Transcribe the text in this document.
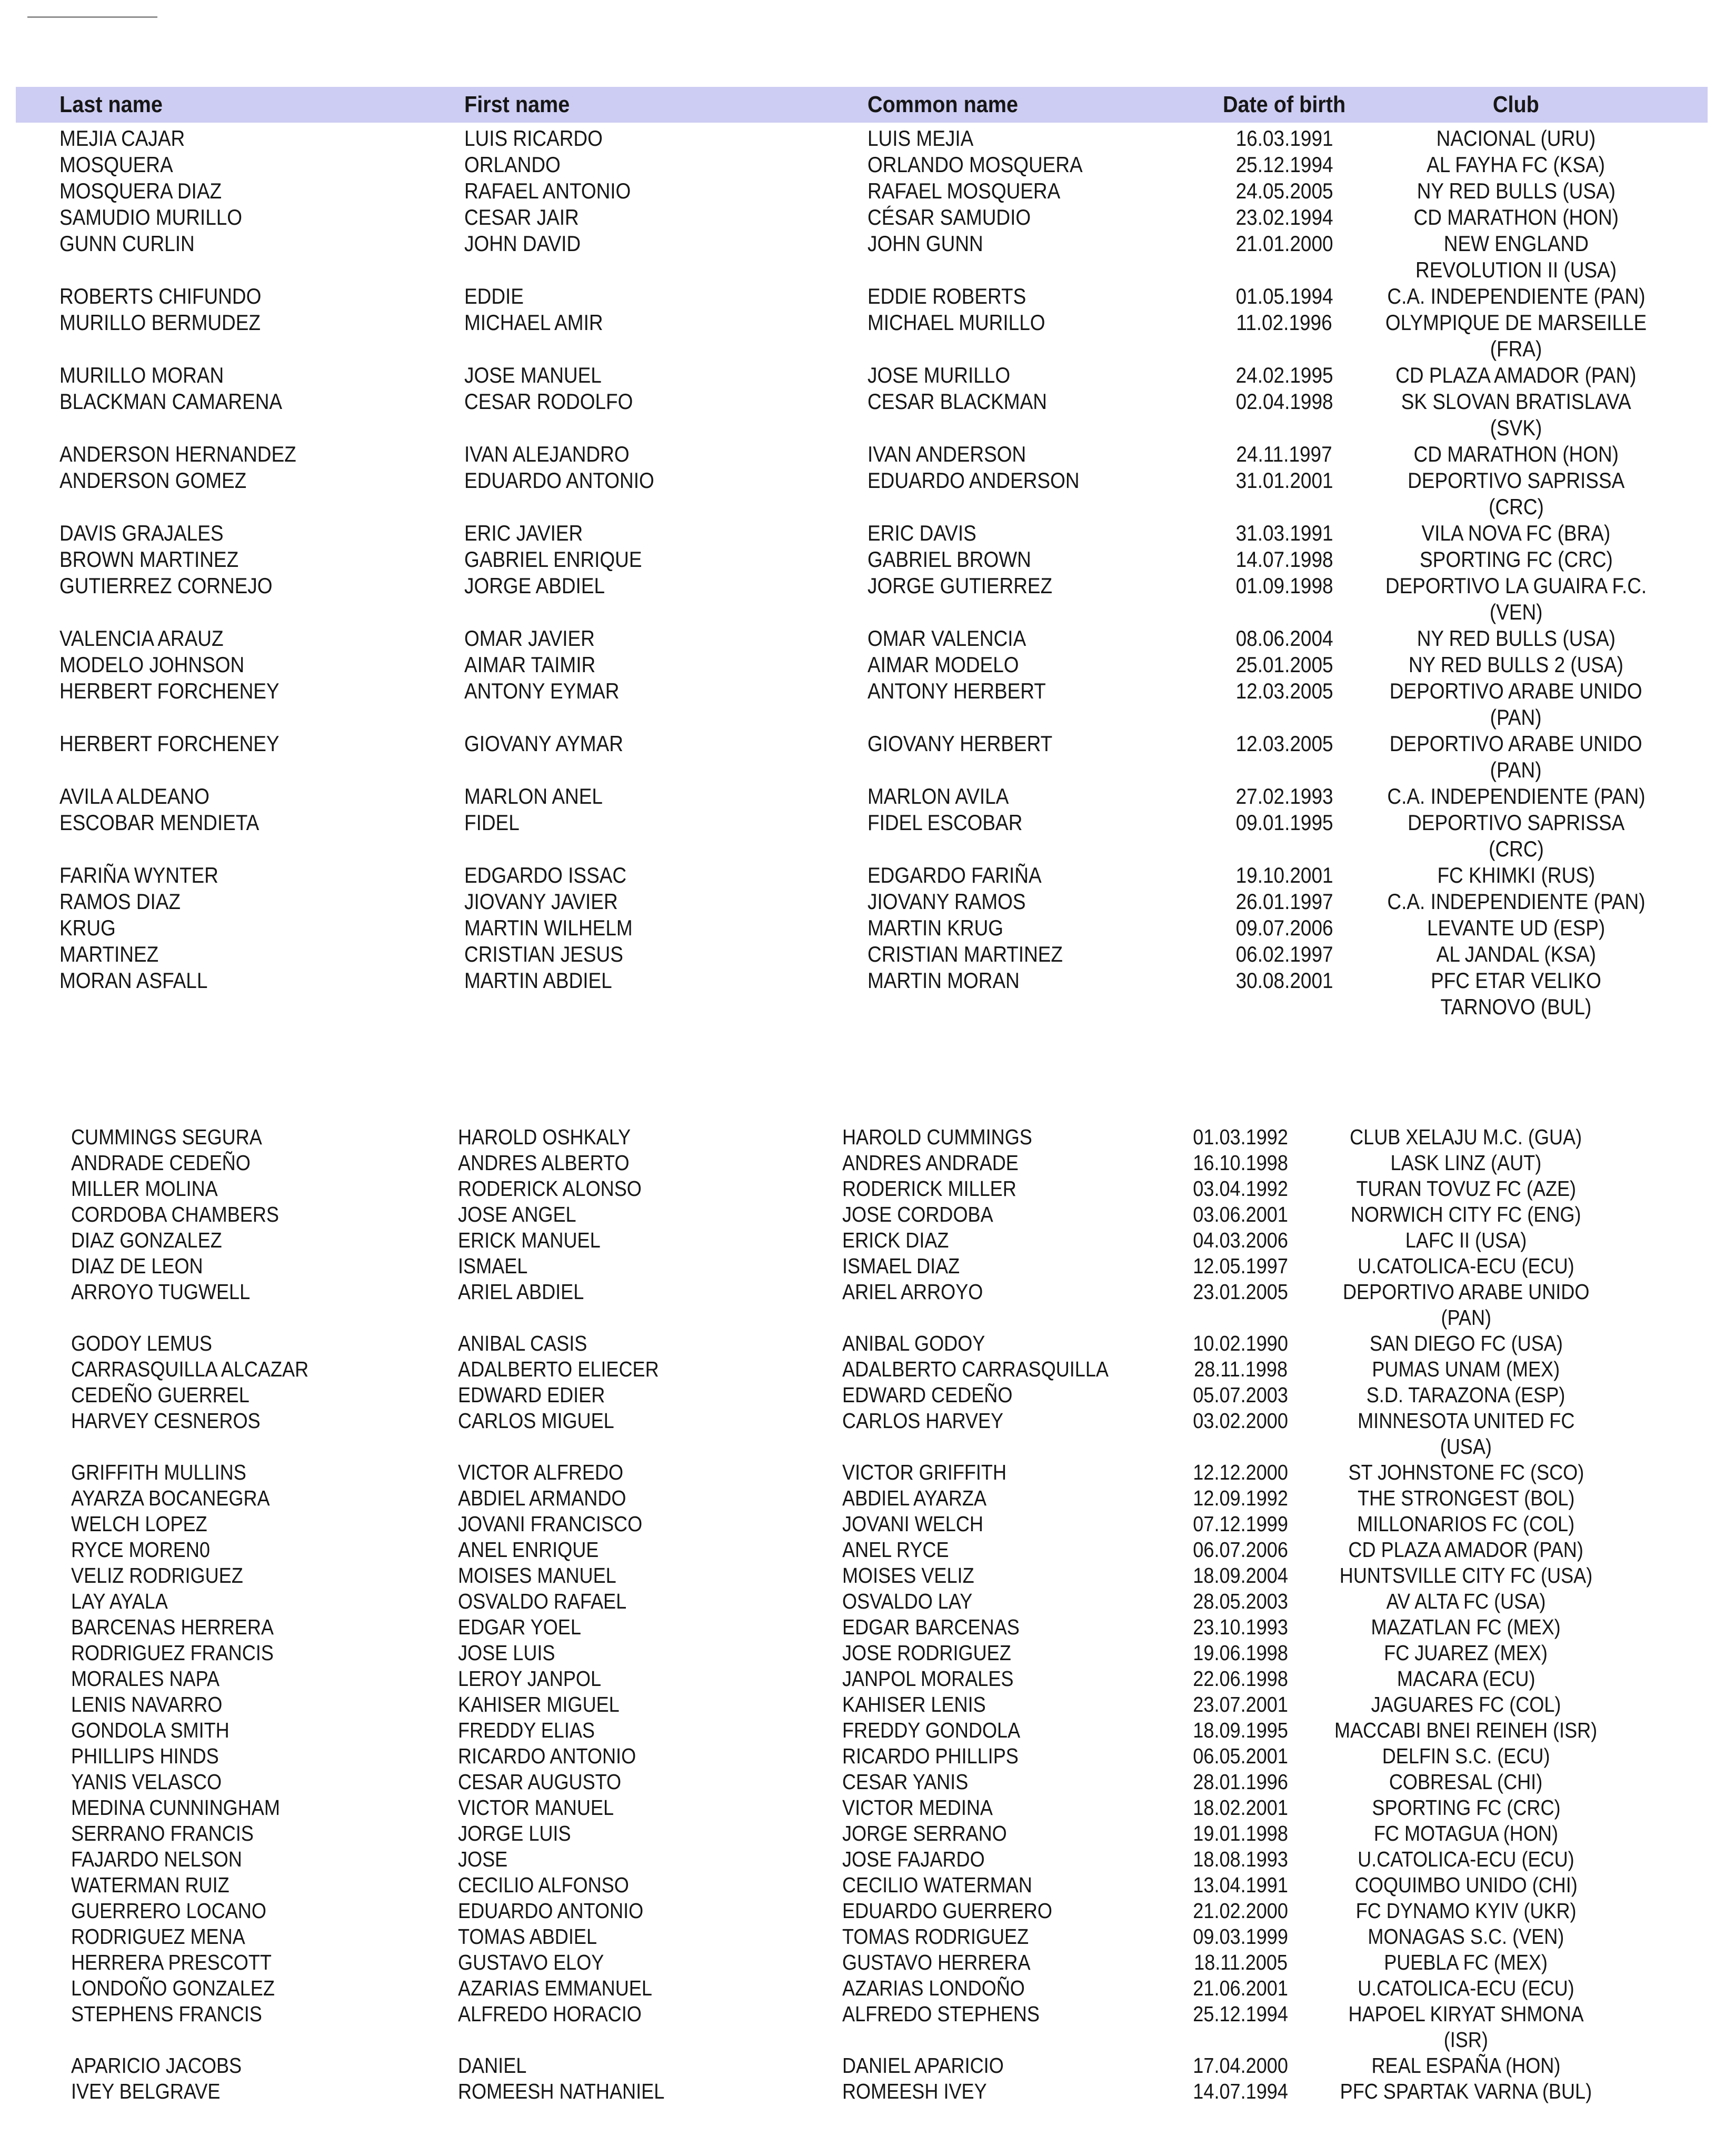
Last name	First name	Common name	Date of birth	Club
MEJIA CAJAR	LUIS RICARDO	LUIS MEJIA	16.03.1991	NACIONAL (URU)
MOSQUERA	ORLANDO	ORLANDO MOSQUERA	25.12.1994	AL FAYHA FC (KSA)
MOSQUERA DIAZ	RAFAEL ANTONIO	RAFAEL MOSQUERA	24.05.2005	NY RED BULLS (USA)
SAMUDIO MURILLO	CESAR JAIR	CÉSAR SAMUDIO	23.02.1994	CD MARATHON (HON)
GUNN CURLIN	JOHN DAVID	JOHN GUNN	21.01.2000	NEW ENGLAND
REVOLUTION II (USA)
ROBERTS CHIFUNDO	EDDIE	EDDIE ROBERTS	01.05.1994 C.A. INDEPENDIENTE (PAN)
MURILLO BERMUDEZ	MICHAEL AMIR	MICHAEL MURILLO	11.02.1996 OLYMPIQUE DE MARSEILLE
(FRA)
MURILLO MORAN	JOSE MANUEL	JOSE MURILLO	24.02.1995	CD PLAZA AMADOR (PAN)
BLACKMAN CAMARENA	CESAR RODOLFO	CESAR BLACKMAN	02.04.1998	SK SLOVAN BRATISLAVA
(SVK)
ANDERSON HERNANDEZ	IVAN ALEJANDRO	IVAN ANDERSON	24.11.1997	CD MARATHON (HON)
ANDERSON GOMEZ	EDUARDO ANTONIO	EDUARDO ANDERSON	31.01.2001	DEPORTIVO SAPRISSA
(CRC)
DAVIS GRAJALES	ERIC JAVIER	ERIC DAVIS	31.03.1991	VILA NOVA FC (BRA)
BROWN MARTINEZ	GABRIEL ENRIQUE	GABRIEL BROWN	14.07.1998	SPORTING FC (CRC)
GUTIERREZ CORNEJO	JORGE ABDIEL	JORGE GUTIERREZ	01.09.1998 DEPORTIVO LA GUAIRA F.C.
(VEN)
VALENCIA ARAUZ	OMAR JAVIER	OMAR VALENCIA	08.06.2004	NY RED BULLS (USA)
MODELO JOHNSON	AIMAR TAIMIR	AIMAR MODELO	25.01.2005	NY RED BULLS 2 (USA)
HERBERT FORCHENEY	ANTONY EYMAR	ANTONY HERBERT	12.03.2005	DEPORTIVO ARABE UNIDO
(PAN)
HERBERT FORCHENEY	GIOVANY AYMAR	GIOVANY HERBERT	12.03.2005	DEPORTIVO ARABE UNIDO
(PAN)
AVILA ALDEANO	MARLON ANEL	MARLON AVILA	27.02.1993 C.A. INDEPENDIENTE (PAN)
ESCOBAR MENDIETA	FIDEL	FIDEL ESCOBAR	09.01.1995	DEPORTIVO SAPRISSA
(CRC)
FARIÑA WYNTER	EDGARDO ISSAC	EDGARDO FARIÑA	19.10.2001	FC KHIMKI (RUS)
RAMOS DIAZ	JIOVANY JAVIER	JIOVANY RAMOS	26.01.1997 C.A. INDEPENDIENTE (PAN)
KRUG	MARTIN WILHELM	MARTIN KRUG	09.07.2006	LEVANTE UD (ESP)
MARTINEZ	CRISTIAN JESUS	CRISTIAN MARTINEZ	06.02.1997	AL JANDAL (KSA)
MORAN ASFALL	MARTIN ABDIEL	MARTIN MORAN	30.08.2001	PFC ETAR VELIKO
TARNOVO (BUL)
CUMMINGS SEGURA	HAROLD OSHKALY	HAROLD CUMMINGS	01.03.1992	CLUB XELAJU M.C. (GUA)
ANDRADE CEDEÑO	ANDRES ALBERTO	ANDRES ANDRADE	16.10.1998	LASK LINZ (AUT)
MILLER MOLINA	RODERICK ALONSO	RODERICK MILLER	03.04.1992	TURAN TOVUZ FC (AZE)
CORDOBA CHAMBERS	JOSE ANGEL	JOSE CORDOBA	03.06.2001	NORWICH CITY FC (ENG)
DIAZ GONZALEZ	ERICK MANUEL	ERICK DIAZ	04.03.2006	LAFC II (USA)
DIAZ DE LEON	ISMAEL	ISMAEL DIAZ	12.05.1997	U.CATOLICA-ECU (ECU)
ARROYO TUGWELL	ARIEL ABDIEL	ARIEL ARROYO	23.01.2005	DEPORTIVO ARABE UNIDO
(PAN)
GODOY LEMUS	ANIBAL CASIS	ANIBAL GODOY	10.02.1990	SAN DIEGO FC (USA)
CARRASQUILLA ALCAZAR	ADALBERTO ELIECER	ADALBERTO CARRASQUILLA	28.11.1998	PUMAS UNAM (MEX)
CEDEÑO GUERREL	EDWARD EDIER	EDWARD CEDEÑO	05.07.2003	S.D. TARAZONA (ESP)
HARVEY CESNEROS	CARLOS MIGUEL	CARLOS HARVEY	03.02.2000	MINNESOTA UNITED FC
(USA)
GRIFFITH MULLINS	VICTOR ALFREDO	VICTOR GRIFFITH	12.12.2000	ST JOHNSTONE FC (SCO)
AYARZA BOCANEGRA	ABDIEL ARMANDO	ABDIEL AYARZA	12.09.1992	THE STRONGEST (BOL)
WELCH LOPEZ	JOVANI FRANCISCO	JOVANI WELCH	07.12.1999	MILLONARIOS FC (COL)
RYCE MOREN0	ANEL ENRIQUE	ANEL RYCE	06.07.2006	CD PLAZA AMADOR (PAN)
VELIZ RODRIGUEZ	MOISES MANUEL	MOISES VELIZ	18.09.2004 HUNTSVILLE CITY FC (USA)
LAY AYALA	OSVALDO RAFAEL	OSVALDO LAY	28.05.2003	AV ALTA FC (USA)
BARCENAS HERRERA	EDGAR YOEL	EDGAR BARCENAS	23.10.1993	MAZATLAN FC (MEX)
RODRIGUEZ FRANCIS	JOSE LUIS	JOSE RODRIGUEZ	19.06.1998	FC JUAREZ (MEX)
MORALES NAPA	LEROY JANPOL	JANPOL MORALES	22.06.1998	MACARA (ECU)
LENIS NAVARRO	KAHISER MIGUEL	KAHISER LENIS	23.07.2001	JAGUARES FC (COL)
GONDOLA SMITH	FREDDY ELIAS	FREDDY GONDOLA	18.09.1995 MACCABI BNEI REINEH (ISR)
PHILLIPS HINDS	RICARDO ANTONIO	RICARDO PHILLIPS	06.05.2001	DELFIN S.C. (ECU)
YANIS VELASCO	CESAR AUGUSTO	CESAR YANIS	28.01.1996	COBRESAL (CHI)
MEDINA CUNNINGHAM	VICTOR MANUEL	VICTOR MEDINA	18.02.2001	SPORTING FC (CRC)
SERRANO FRANCIS	JORGE LUIS	JORGE SERRANO	19.01.1998	FC MOTAGUA (HON)
FAJARDO NELSON	JOSE	JOSE FAJARDO	18.08.1993	U.CATOLICA-ECU (ECU)
WATERMAN RUIZ	CECILIO ALFONSO	CECILIO WATERMAN	13.04.1991	COQUIMBO UNIDO (CHI)
GUERRERO LOCANO	EDUARDO ANTONIO	EDUARDO GUERRERO	21.02.2000	FC DYNAMO KYIV (UKR)
RODRIGUEZ MENA	TOMAS ABDIEL	TOMAS RODRIGUEZ	09.03.1999	MONAGAS S.C. (VEN)
HERRERA PRESCOTT	GUSTAVO ELOY	GUSTAVO HERRERA	18.11.2005	PUEBLA FC (MEX)
LONDOÑO GONZALEZ	AZARIAS EMMANUEL	AZARIAS LONDOÑO	21.06.2001	U.CATOLICA-ECU (ECU)
STEPHENS FRANCIS	ALFREDO HORACIO	ALFREDO STEPHENS	25.12.1994	HAPOEL KIRYAT SHMONA
(ISR)
APARICIO JACOBS	DANIEL	DANIEL APARICIO	17.04.2000	REAL ESPAÑA (HON)
IVEY BELGRAVE	ROMEESH NATHANIEL	ROMEESH IVEY	14.07.1994 PFC SPARTAK VARNA (BUL)
